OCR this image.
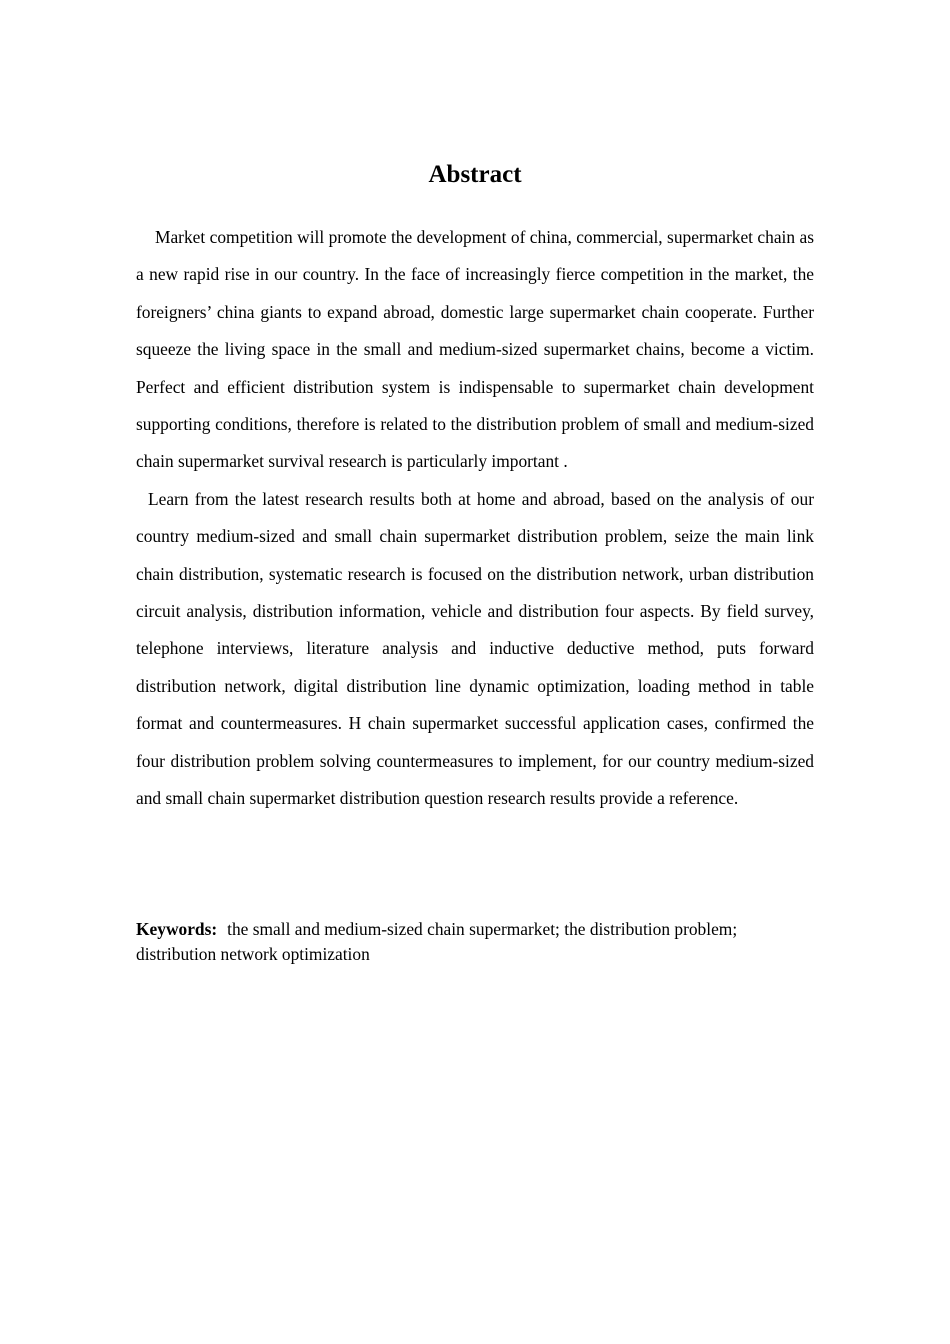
Abstract

Market competition will promote the development of china, commercial, supermarket chain as a new rapid rise in our country. In the face of increasingly fierce competition in the market, the foreigners’ china giants to expand abroad, domestic large supermarket chain cooperate. Further squeeze the living space in the small and medium-sized supermarket chains, become a victim. Perfect and efficient distribution system is indispensable to supermarket chain development supporting conditions, therefore is related to the distribution problem of small and medium-sized chain supermarket survival research is particularly important .

Learn from the latest research results both at home and abroad, based on the analysis of our country medium-sized and small chain supermarket distribution problem, seize the main link chain distribution, systematic research is focused on the distribution network, urban distribution circuit analysis, distribution information, vehicle and distribution four aspects. By field survey, telephone interviews, literature analysis and inductive deductive method, puts forward distribution network, digital distribution line dynamic optimization, loading method in table format and countermeasures. H chain supermarket successful application cases, confirmed the four distribution problem solving countermeasures to implement, for our country medium-sized and small chain supermarket distribution question research results provide a reference.

Keywords: the small and medium-sized chain supermarket; the distribution problem; distribution network optimization
